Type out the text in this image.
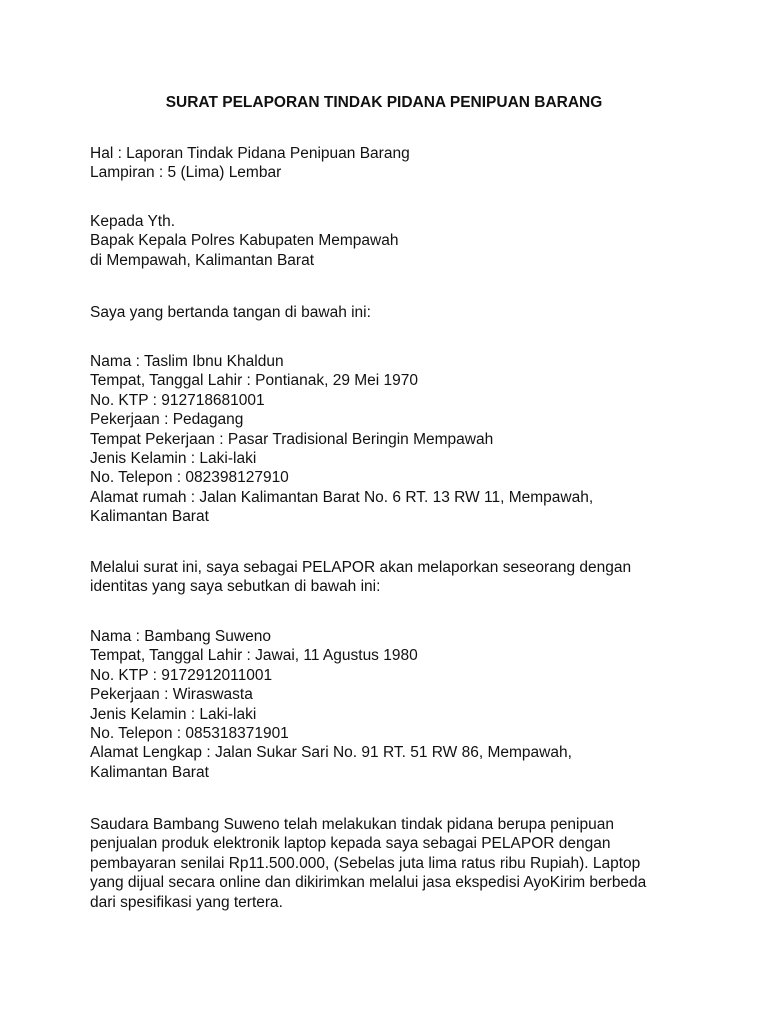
SURAT PELAPORAN TINDAK PIDANA PENIPUAN BARANG
Hal : Laporan Tindak Pidana Penipuan Barang
Lampiran : 5 (Lima) Lembar
Kepada Yth.
Bapak Kepala Polres Kabupaten Mempawah
di Mempawah, Kalimantan Barat
Saya yang bertanda tangan di bawah ini:
Nama : Taslim Ibnu Khaldun
Tempat, Tanggal Lahir : Pontianak, 29 Mei 1970
No. KTP : 912718681001
Pekerjaan : Pedagang
Tempat Pekerjaan : Pasar Tradisional Beringin Mempawah
Jenis Kelamin : Laki-laki
No. Telepon : 082398127910
Alamat rumah : Jalan Kalimantan Barat No. 6 RT. 13 RW 11, Mempawah,
Kalimantan Barat
Melalui surat ini, saya sebagai PELAPOR akan melaporkan seseorang dengan
identitas yang saya sebutkan di bawah ini:
Nama : Bambang Suweno
Tempat, Tanggal Lahir : Jawai, 11 Agustus 1980
No. KTP : 9172912011001
Pekerjaan : Wiraswasta
Jenis Kelamin : Laki-laki
No. Telepon : 085318371901
Alamat Lengkap : Jalan Sukar Sari No. 91 RT. 51 RW 86, Mempawah,
Kalimantan Barat
Saudara Bambang Suweno telah melakukan tindak pidana berupa penipuan
penjualan produk elektronik laptop kepada saya sebagai PELAPOR dengan
pembayaran senilai Rp11.500.000, (Sebelas juta lima ratus ribu Rupiah). Laptop
yang dijual secara online dan dikirimkan melalui jasa ekspedisi AyoKirim berbeda
dari spesifikasi yang tertera.
